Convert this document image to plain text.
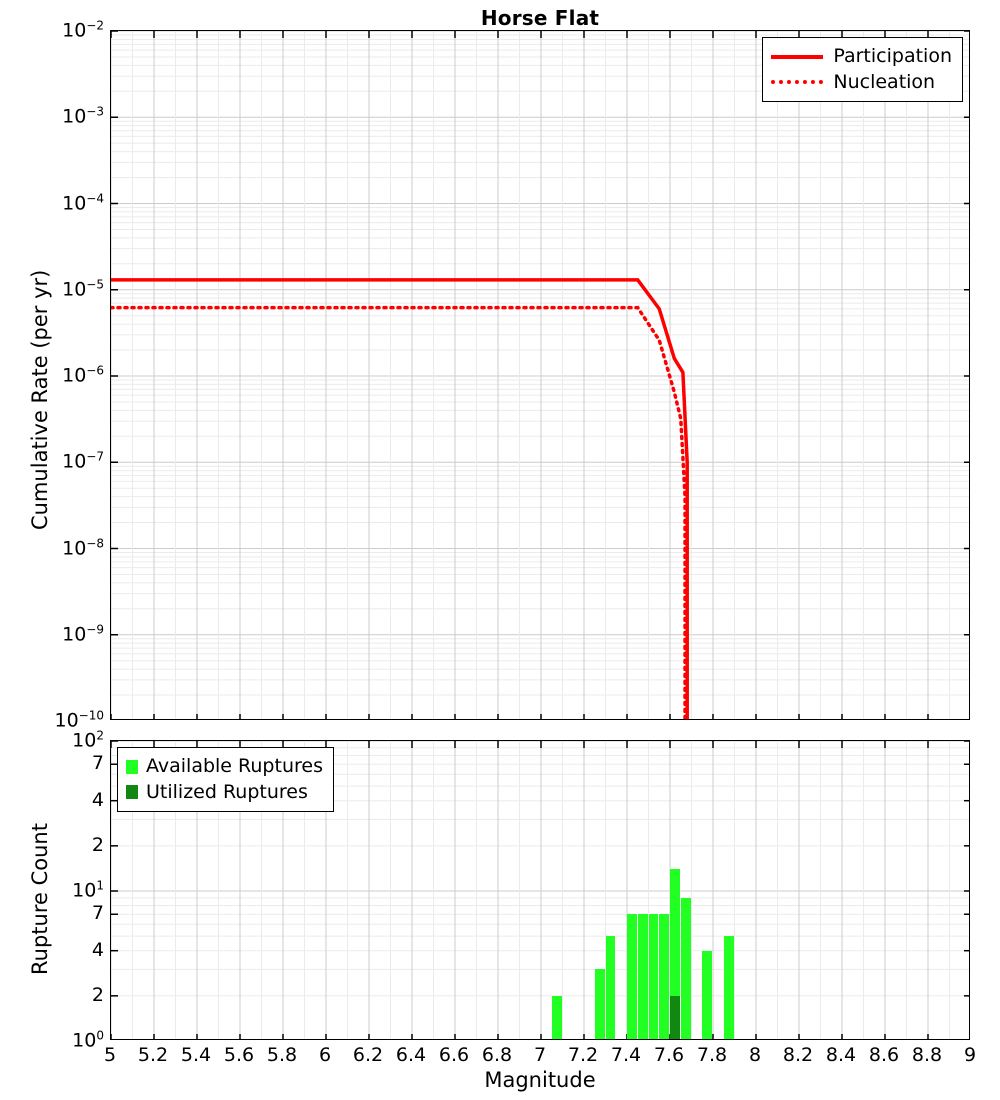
Horse Flat
$10^{-2}$
$10^{-3}$
$10^{-4}$
$10^{-5}$
$10^{-6}$
$10^{-7}$
$10^{-8}$
$10^{-9}$
$10^{-10}$
Cumulative Rate (per yr)
Participation
Nucleation
$10^2$
7
4
2
$10^1$
7
4
2
$10^0$
Rupture Count
Available Ruptures
Utilized Ruptures
5 5.2 5.4 5.6 5.8 6 6.2 6.4 6.6 6.8 7 7.2 7.4 7.6 7.8 8 8.2 8.4 8.6 8.8 9
Magnitude
